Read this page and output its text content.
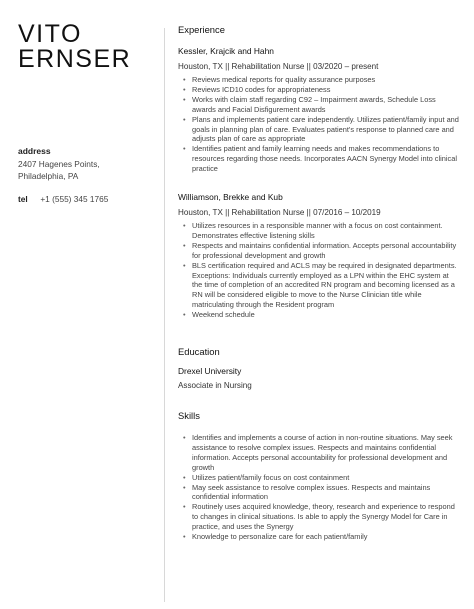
VITO
ERNSER
address
2407 Hagenes Points,
Philadelphia, PA
tel +1 (555) 345 1765
Experience
Kessler, Krajcik and Hahn
Houston, TX || Rehabilitation Nurse || 03/2020 – present
• Reviews medical reports for quality assurance purposes
• Reviews ICD10 codes for appropriateness
• Works with claim staff regarding C92 – Impairment awards, Schedule Loss awards and Facial Disfigurement awards
• Plans and implements patient care independently. Utilizes patient/family input and goals in planning plan of care. Evaluates patient's response to planned care and adjusts plan of care as appropriate
• Identifies patient and family learning needs and makes recommendations to resources regarding those needs. Incorporates AACN Synergy Model into clinical practice
Williamson, Brekke and Kub
Houston, TX || Rehabilitation Nurse || 07/2016 – 10/2019
• Utilizes resources in a responsible manner with a focus on cost containment. Demonstrates effective listening skills
• Respects and maintains confidential information. Accepts personal accountability for professional development and growth
• BLS certification required and ACLS may be required in designated departments. Exceptions: Individuals currently employed as a LPN within the EHC system at the time of completion of an accredited RN program and becoming licensed as a RN will be considered eligible to move to the Nurse Clinician title while matriculating through the Resident program
• Weekend schedule
Education
Drexel University
Associate in Nursing
Skills
• Identifies and implements a course of action in non-routine situations. May seek assistance to resolve complex issues. Respects and maintains confidential information. Accepts personal accountability for professional development and growth
• Utilizes patient/family focus on cost containment
• May seek assistance to resolve complex issues. Respects and maintains confidential information
• Routinely uses acquired knowledge, theory, research and experience to respond to changes in clinical situations. Is able to apply the Synergy Model for Care in practice, and uses the Synergy
• Knowledge to personalize care for each patient/family
